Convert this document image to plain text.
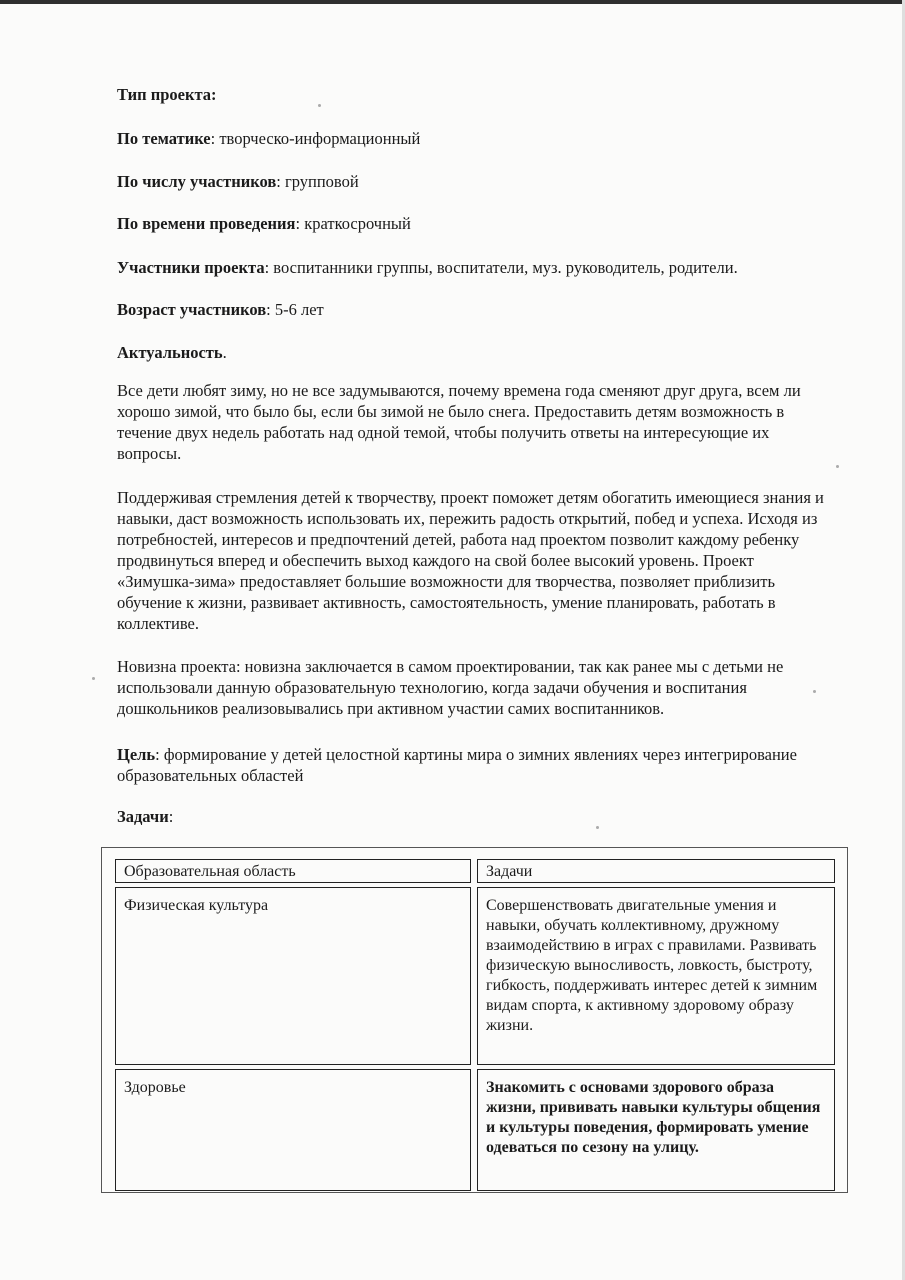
Тип проекта:
По тематике: творческо-информационный
По числу участников: групповой
По времени проведения: краткосрочный
Участники проекта: воспитанники группы, воспитатели, муз. руководитель, родители.
Возраст участников: 5-6 лет
Актуальность.
Все дети любят зиму, но не все задумываются, почему времена года сменяют друг друга, всем ли хорошо зимой, что было бы, если бы зимой не было снега. Предоставить детям возможность в течение двух недель работать над одной темой, чтобы получить ответы на интересующие их вопросы.
Поддерживая стремления детей к творчеству, проект поможет детям обогатить имеющиеся знания и навыки, даст возможность использовать их, пережить радость открытий, побед и успеха. Исходя из потребностей, интересов и предпочтений детей, работа над проектом позволит каждому ребенку продвинуться вперед и обеспечить выход каждого на свой более высокий уровень. Проект «Зимушка-зима» предоставляет большие возможности для творчества, позволяет приблизить обучение к жизни, развивает активность, самостоятельность, умение планировать, работать в коллективе.
Новизна проекта: новизна заключается в самом проектировании, так как ранее мы с детьми не использовали данную образовательную технологию, когда задачи обучения и воспитания дошкольников реализовывались при активном участии самих воспитанников.
Цель: формирование у детей целостной картины мира о зимних явлениях через интегрирование образовательных областей
Задачи:
Образовательная область	Задачи
Физическая культура	Совершенствовать двигательные умения и навыки, обучать коллективному, дружному взаимодействию в играх с правилами. Развивать физическую выносливость, ловкость, быстроту, гибкость, поддерживать интерес детей к зимним видам спорта, к активному здоровому образу жизни.
Здоровье	Знакомить с основами здорового образа жизни, прививать навыки культуры общения и культуры поведения, формировать умение одеваться по сезону на улицу.
